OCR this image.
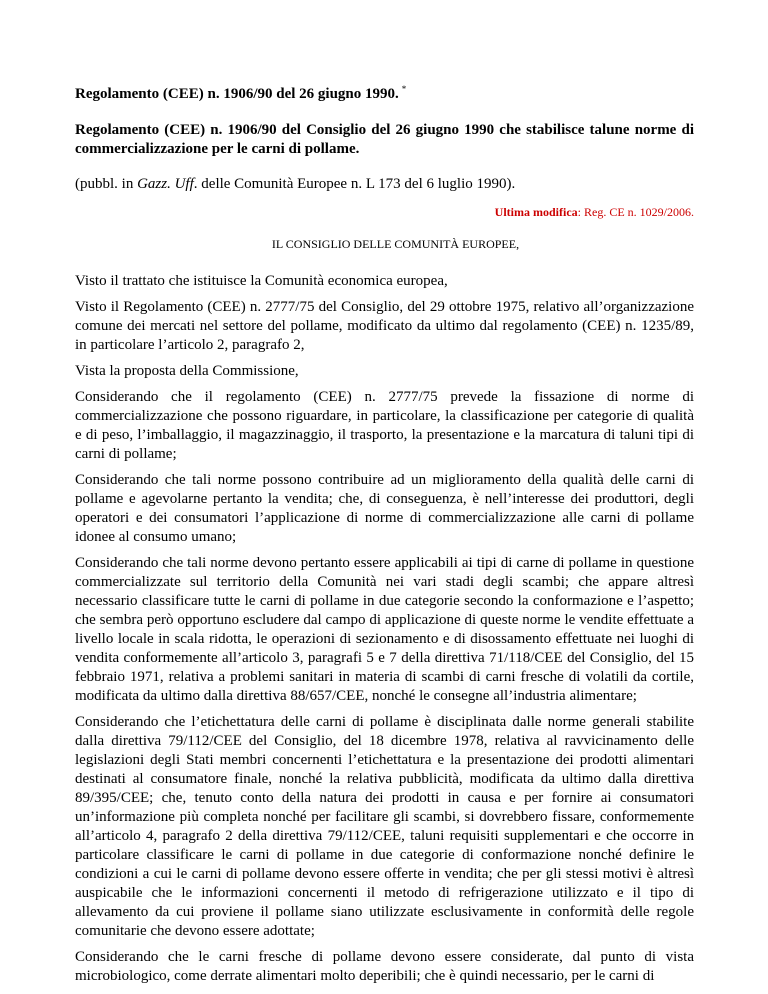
Regolamento (CEE) n. 1906/90 del 26 giugno 1990. *
Regolamento (CEE) n. 1906/90 del Consiglio del 26 giugno 1990 che stabilisce talune norme di commercializzazione per le carni di pollame.
(pubbl. in Gazz. Uff. delle Comunità Europee n. L 173 del 6 luglio 1990).
Ultima modifica: Reg. CE n. 1029/2006.
IL CONSIGLIO DELLE COMUNITÀ EUROPEE,

Visto il trattato che istituisce la Comunità economica europea,

Visto il Regolamento (CEE) n. 2777/75 del Consiglio, del 29 ottobre 1975, relativo all’organizzazione comune dei mercati nel settore del pollame, modificato da ultimo dal regolamento (CEE) n. 1235/89, in particolare l’articolo 2, paragrafo 2,

Vista la proposta della Commissione,

Considerando che il regolamento (CEE) n. 2777/75 prevede la fissazione di norme di commercializzazione che possono riguardare, in particolare, la classificazione per categorie di qualità e di peso, l’imballaggio, il magazzinaggio, il trasporto, la presentazione e la marcatura di taluni tipi di carni di pollame;

Considerando che tali norme possono contribuire ad un miglioramento della qualità delle carni di pollame e agevolarne pertanto la vendita; che, di conseguenza, è nell’interesse dei produttori, degli operatori e dei consumatori l’applicazione di norme di commercializzazione alle carni di pollame idonee al consumo umano;

Considerando che tali norme devono pertanto essere applicabili ai tipi di carne di pollame in questione commercializzate sul territorio della Comunità nei vari stadi degli scambi; che appare altresì necessario classificare tutte le carni di pollame in due categorie secondo la conformazione e l’aspetto; che sembra però opportuno escludere dal campo di applicazione di queste norme le vendite effettuate a livello locale in scala ridotta, le operazioni di sezionamento e di disossamento effettuate nei luoghi di vendita conformemente all’articolo 3, paragrafi 5 e 7 della direttiva 71/118/CEE del Consiglio, del 15 febbraio 1971, relativa a problemi sanitari in materia di scambi di carni fresche di volatili da cortile, modificata da ultimo dalla direttiva 88/657/CEE, nonché le consegne all’industria alimentare;

Considerando che l’etichettatura delle carni di pollame è disciplinata dalle norme generali stabilite dalla direttiva 79/112/CEE del Consiglio, del 18 dicembre 1978, relativa al ravvicinamento delle legislazioni degli Stati membri concernenti l’etichettatura e la presentazione dei prodotti alimentari destinati al consumatore finale, nonché la relativa pubblicità, modificata da ultimo dalla direttiva 89/395/CEE; che, tenuto conto della natura dei prodotti in causa e per fornire ai consumatori un’informazione più completa nonché per facilitare gli scambi, si dovrebbero fissare, conformemente all’articolo 4, paragrafo 2 della direttiva 79/112/CEE, taluni requisiti supplementari e che occorre in particolare classificare le carni di pollame in due categorie di conformazione nonché definire le condizioni a cui le carni di pollame devono essere offerte in vendita; che per gli stessi motivi è altresì auspicabile che le informazioni concernenti il metodo di refrigerazione utilizzato e il tipo di allevamento da cui proviene il pollame siano utilizzate esclusivamente in conformità delle regole comunitarie che devono essere adottate;

Considerando che le carni fresche di pollame devono essere considerate, dal punto di vista microbiologico, come derrate alimentari molto deperibili; che è quindi necessario, per le carni di
